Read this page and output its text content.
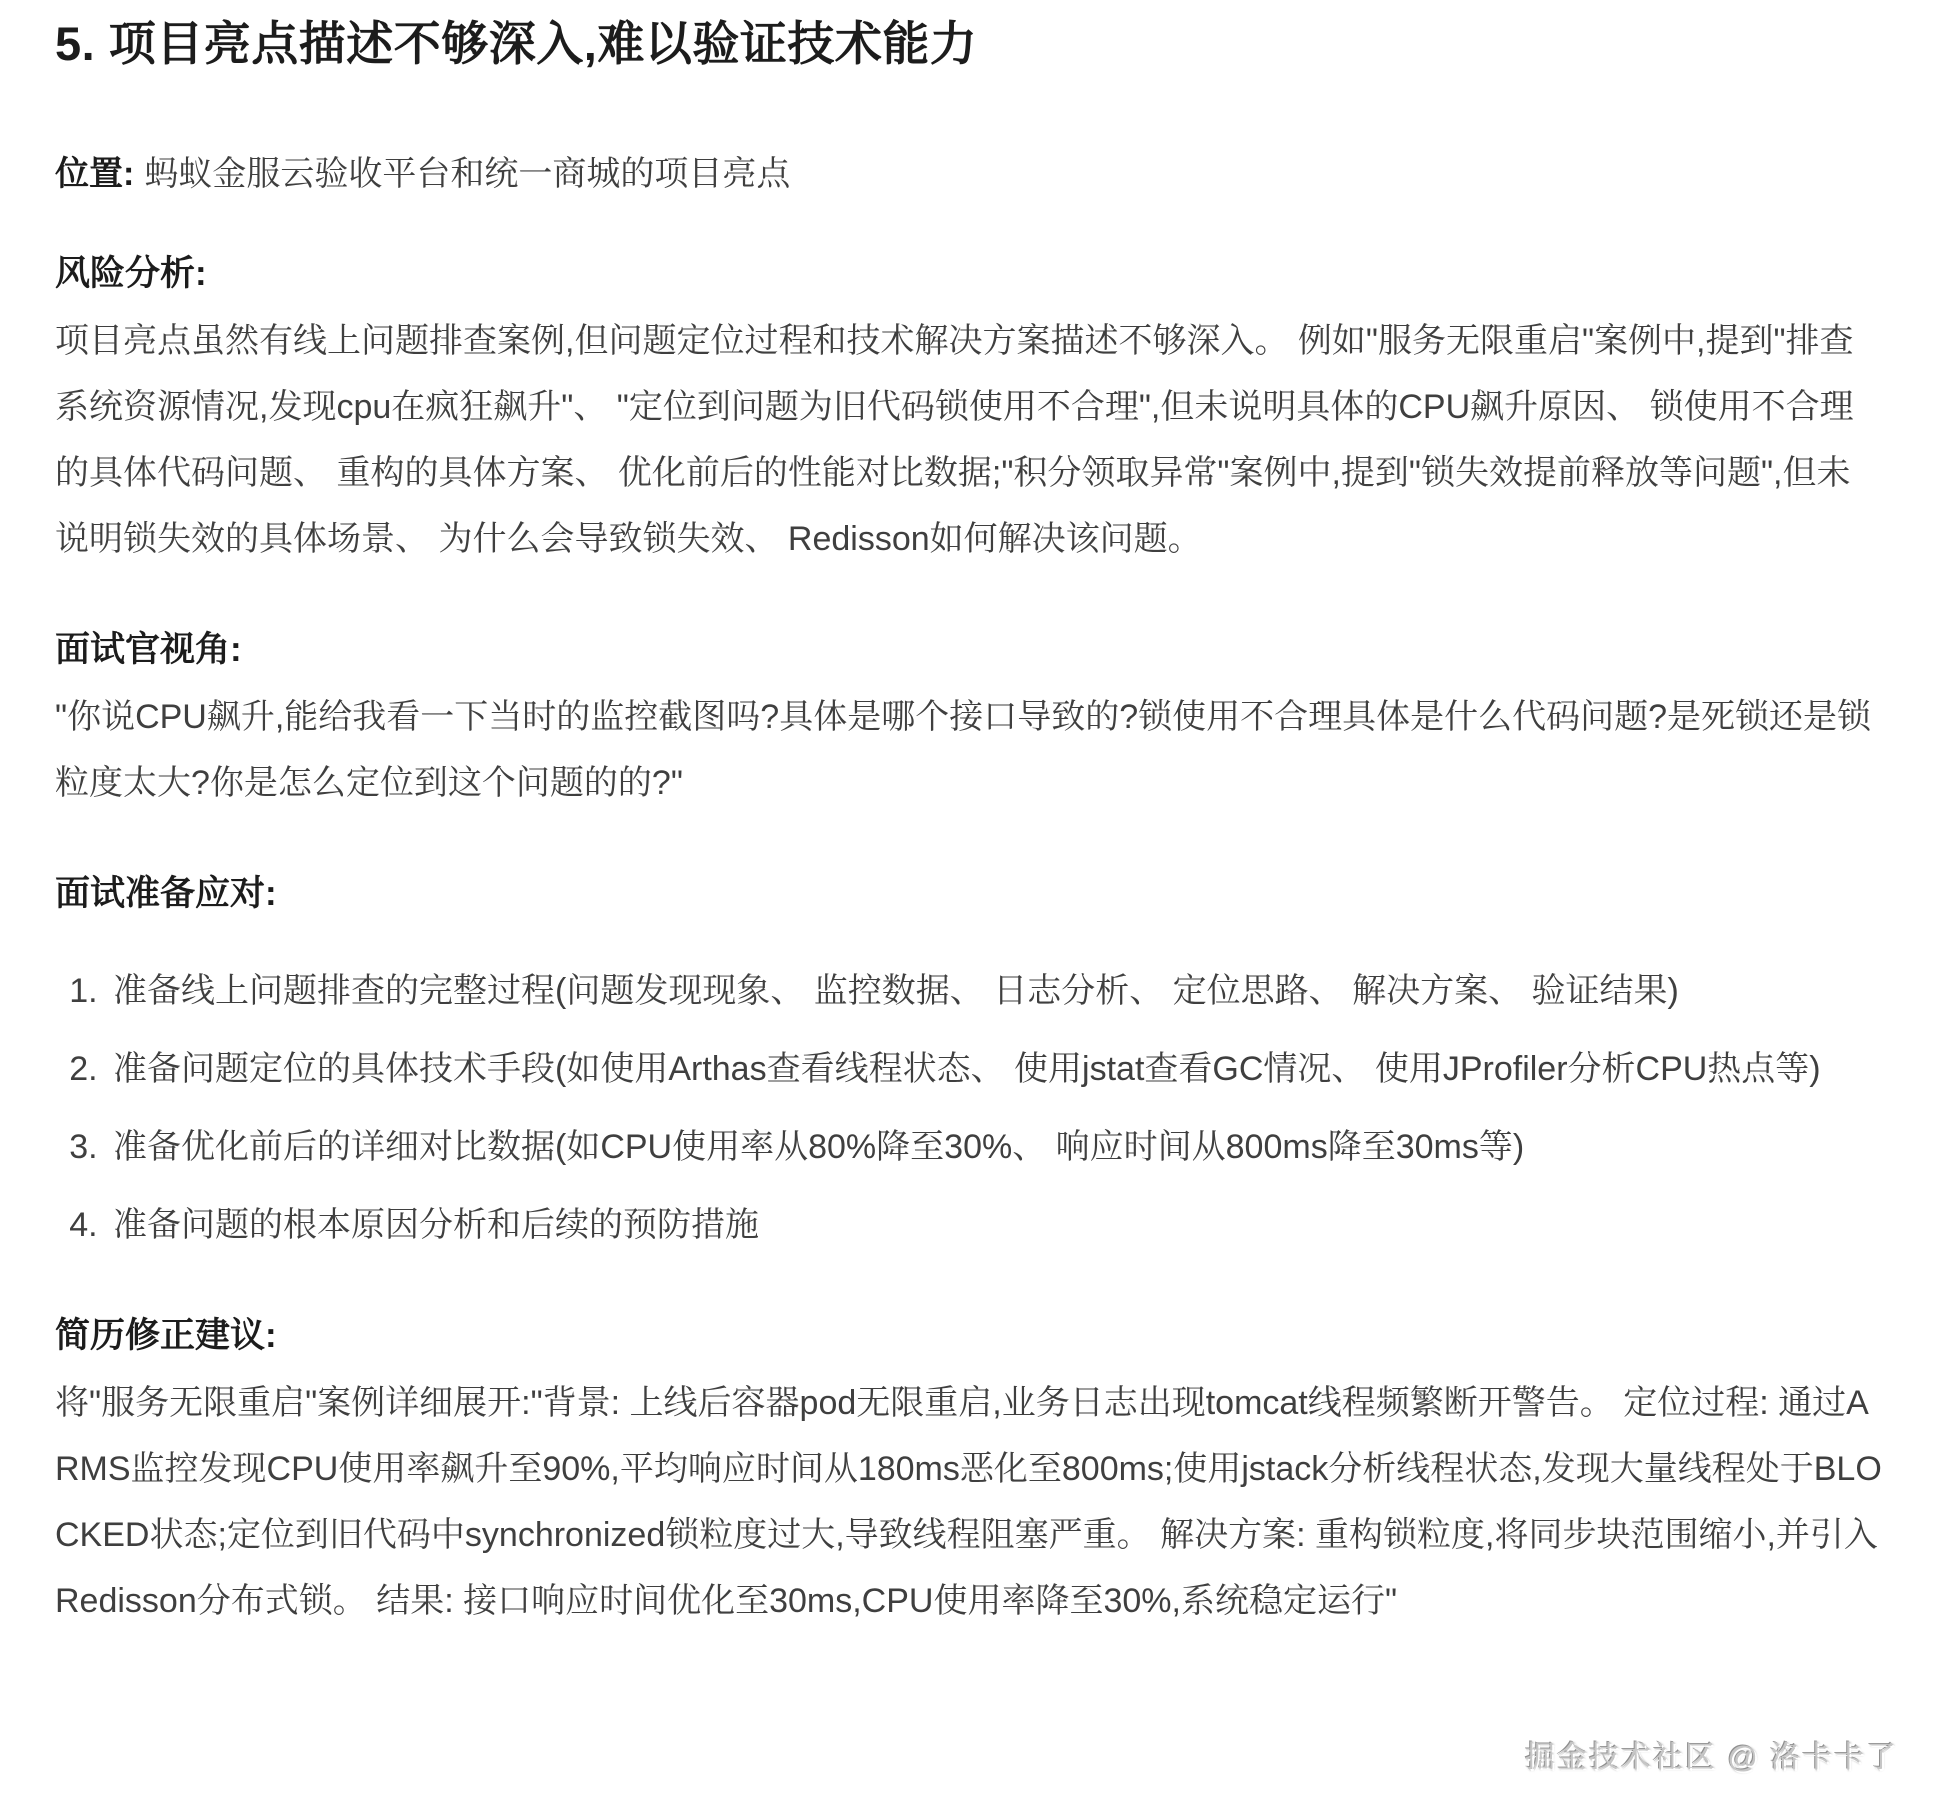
5. 项目亮点描述不够深入,难以验证技术能力

位置: 蚂蚁金服云验收平台和统一商城的项目亮点

风险分析:

项目亮点虽然有线上问题排查案例,但问题定位过程和技术解决方案描述不够深入。 例如"服务无限重启"案例中,提到"排查系统资源情况,发现cpu在疯狂飙升"、 "定位到问题为旧代码锁使用不合理",但未说明具体的CPU飙升原因、 锁使用不合理的具体代码问题、 重构的具体方案、 优化前后的性能对比数据;"积分领取异常"案例中,提到"锁失效提前释放等问题",但未说明锁失效的具体场景、 为什么会导致锁失效、 Redisson如何解决该问题。

面试官视角:

"你说CPU飙升,能给我看一下当时的监控截图吗?具体是哪个接口导致的?锁使用不合理具体是什么代码问题?是死锁还是锁粒度太大?你是怎么定位到这个问题的的?"

面试准备应对:
1. 准备线上问题排查的完整过程(问题发现现象、 监控数据、 日志分析、 定位思路、 解决方案、 验证结果)
2. 准备问题定位的具体技术手段(如使用Arthas查看线程状态、 使用jstat查看GC情况、 使用JProfiler分析CPU热点等)
3. 准备优化前后的详细对比数据(如CPU使用率从80%降至30%、 响应时间从800ms降至30ms等)
4. 准备问题的根本原因分析和后续的预防措施
简历修正建议:

将"服务无限重启"案例详细展开:"背景: 上线后容器pod无限重启,业务日志出现tomcat线程频繁断开警告。 定位过程: 通过ARMS监控发现CPU使用率飙升至90%,平均响应时间从180ms恶化至800ms;使用jstack分析线程状态,发现大量线程处于BLOCKED状态;定位到旧代码中synchronized锁粒度过大,导致线程阻塞严重。 解决方案: 重构锁粒度,将同步块范围缩小,并引入Redisson分布式锁。 结果: 接口响应时间优化至30ms,CPU使用率降至30%,系统稳定运行"

掘金技术社区 @ 洛卡卡了
